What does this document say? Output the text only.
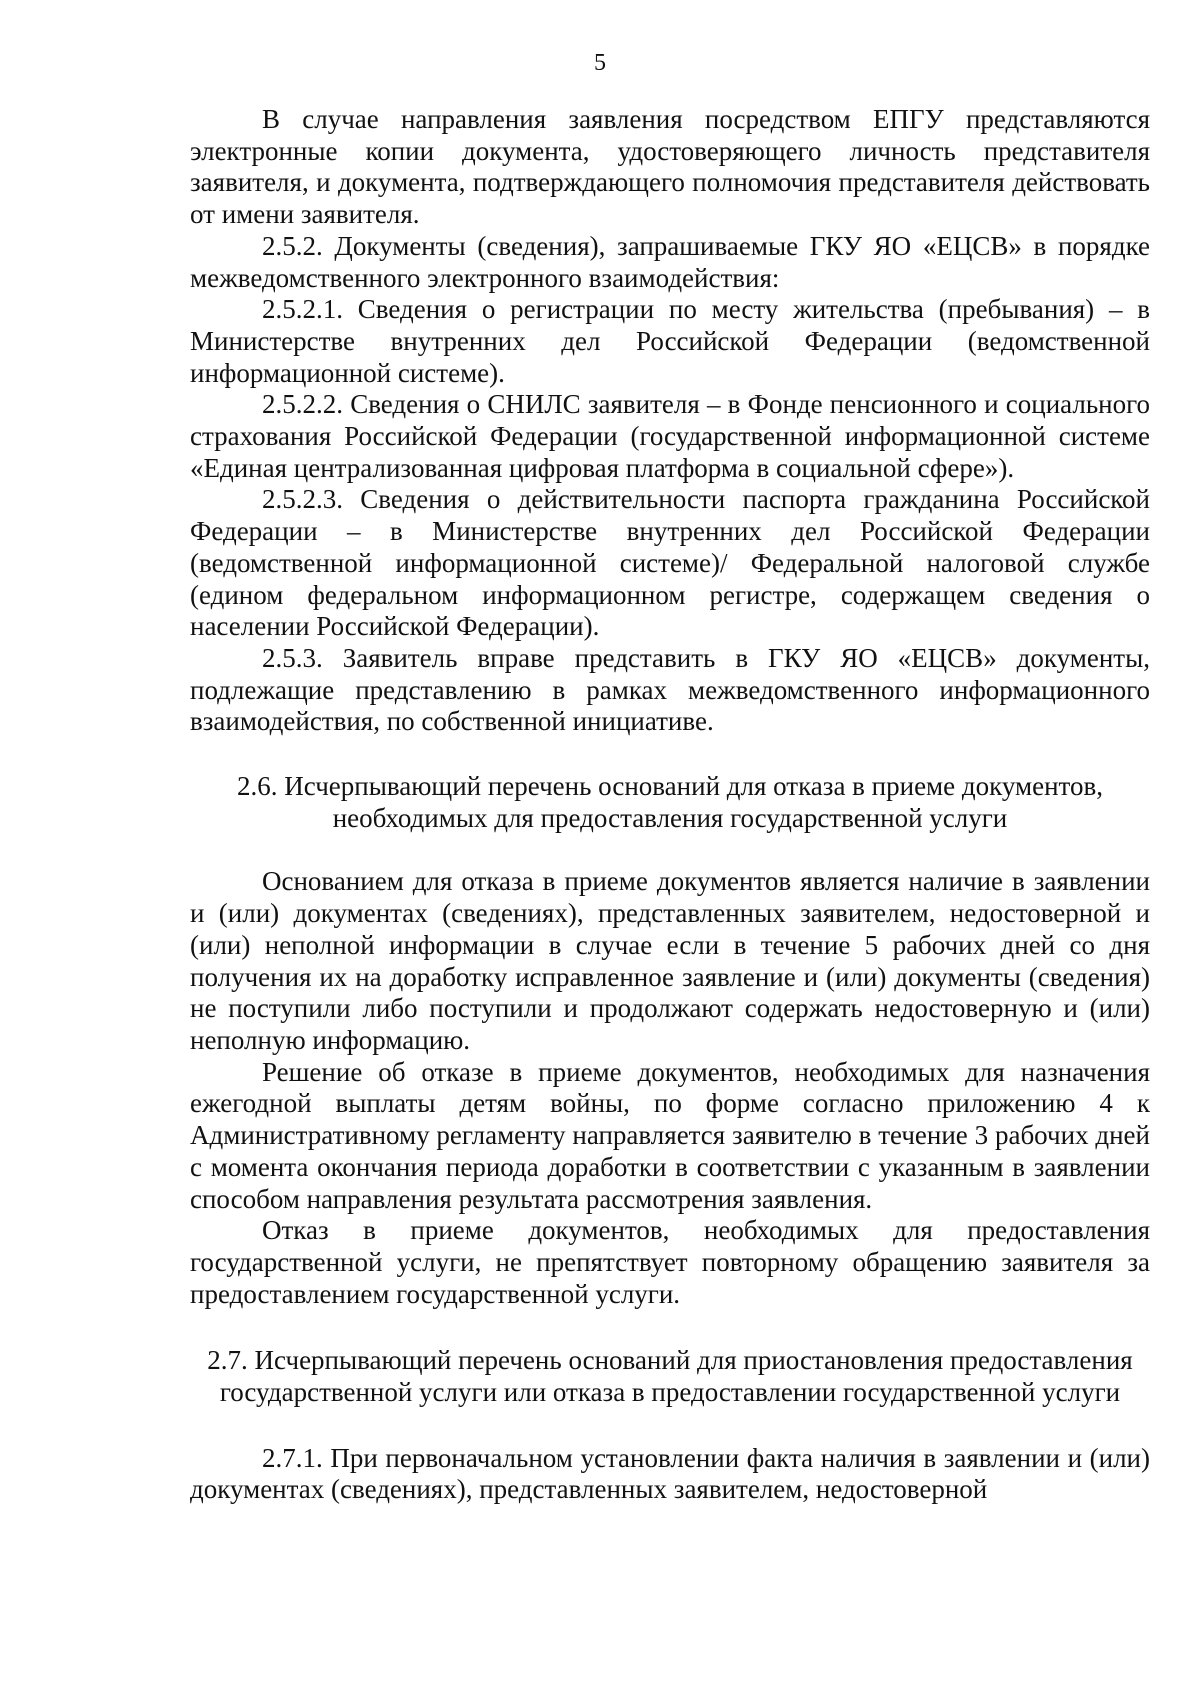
5

В случае направления заявления посредством ЕПГУ представляются электронные копии документа, удостоверяющего личность представителя заявителя, и документа, подтверждающего полномочия представителя действовать от имени заявителя.

2.5.2. Документы (сведения), запрашиваемые ГКУ ЯО «ЕЦСВ» в порядке межведомственного электронного взаимодействия:

2.5.2.1. Сведения о регистрации по месту жительства (пребывания) – в Министерстве внутренних дел Российской Федерации (ведомственной информационной системе).

2.5.2.2. Сведения о СНИЛС заявителя – в Фонде пенсионного и социального страхования Российской Федерации (государственной информационной системе «Единая централизованная цифровая платформа в социальной сфере»).

2.5.2.3. Сведения о действительности паспорта гражданина Российской Федерации – в Министерстве внутренних дел Российской Федерации (ведомственной информационной системе)/ Федеральной налоговой службе (едином федеральном информационном регистре, содержащем сведения о населении Российской Федерации).

2.5.3. Заявитель вправе представить в ГКУ ЯО «ЕЦСВ» документы, подлежащие представлению в рамках межведомственного информационного взаимодействия, по собственной инициативе.

2.6. Исчерпывающий перечень оснований для отказа в приеме документов, необходимых для предоставления государственной услуги

Основанием для отказа в приеме документов является наличие в заявлении и (или) документах (сведениях), представленных заявителем, недостоверной и (или) неполной информации в случае если в течение 5 рабочих дней со дня получения их на доработку исправленное заявление и (или) документы (сведения) не поступили либо поступили и продолжают содержать недостоверную и (или) неполную информацию.

Решение об отказе в приеме документов, необходимых для назначения ежегодной выплаты детям войны, по форме согласно приложению 4 к Административному регламенту направляется заявителю в течение 3 рабочих дней с момента окончания периода доработки в соответствии с указанным в заявлении способом направления результата рассмотрения заявления.

Отказ в приеме документов, необходимых для предоставления государственной услуги, не препятствует повторному обращению заявителя за предоставлением государственной услуги.

2.7. Исчерпывающий перечень оснований для приостановления предоставления государственной услуги или отказа в предоставлении государственной услуги

2.7.1. При первоначальном установлении факта наличия в заявлении и (или) документах (сведениях), представленных заявителем, недостоверной
